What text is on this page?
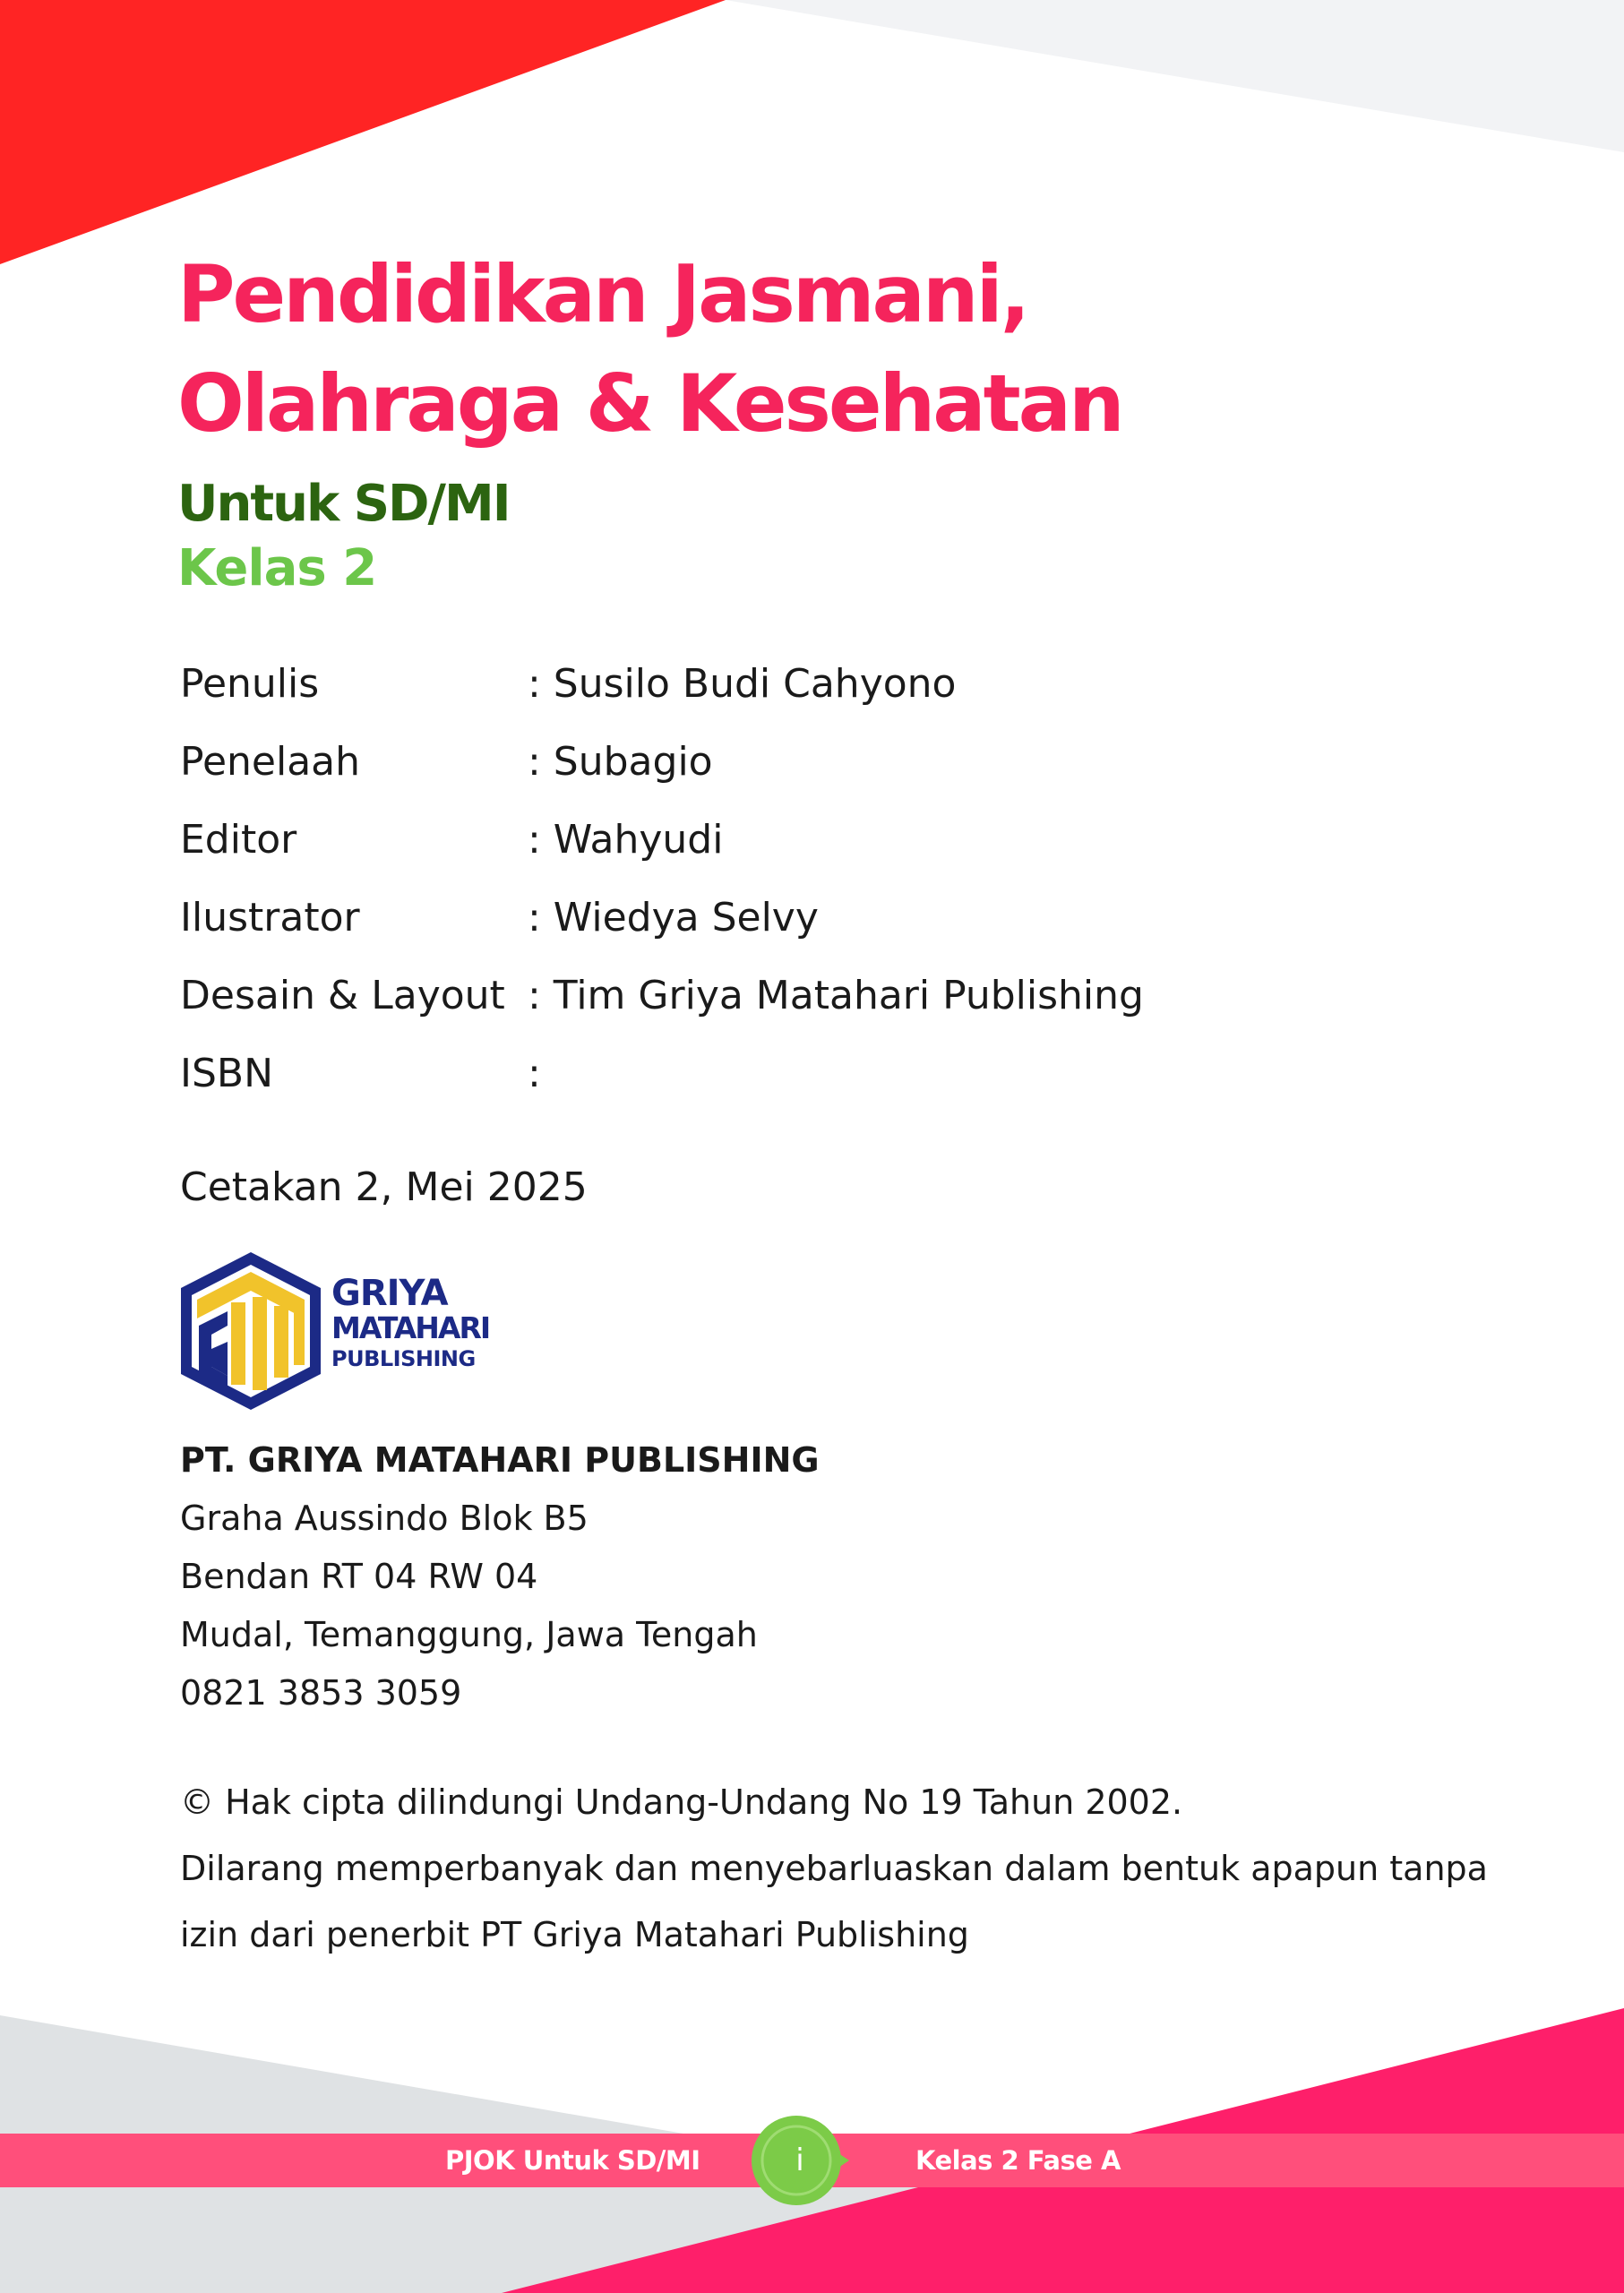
Pendidikan Jasmani,
Olahraga & Kesehatan
Untuk SD/MI
Kelas 2
Penulis	: Susilo Budi Cahyono
Penelaah	: Subagio
Editor	: Wahyudi
Ilustrator	: Wiedya Selvy
Desain & Layout : Tim Griya Matahari Publishing
ISBN	:
Cetakan 2, Mei 2025
GRIYA
MATAHARI
PUBLISHING
PT. GRIYA MATAHARI PUBLISHING
Graha Aussindo Blok B5
Bendan RT 04 RW 04
Mudal, Temanggung, Jawa Tengah
0821 3853 3059
© Hak cipta dilindungi Undang-Undang No 19 Tahun 2002.
Dilarang memperbanyak dan menyebarluaskan dalam bentuk apapun tanpa
izin dari penerbit PT Griya Matahari Publishing
PJOK Untuk SD/MI	i	Kelas 2 Fase A
